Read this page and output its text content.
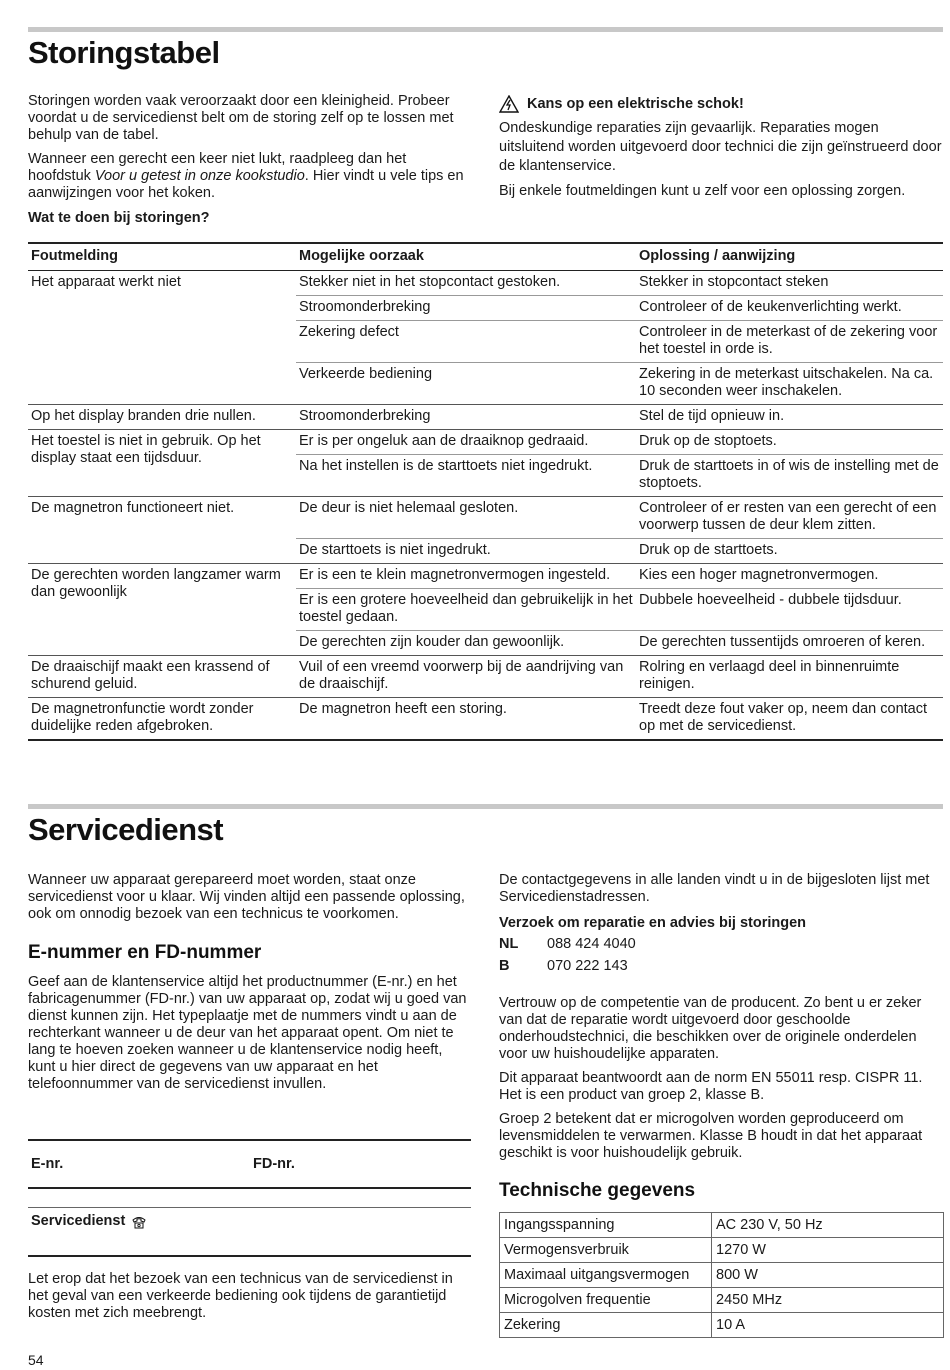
Storingstabel

Storingen worden vaak veroorzaakt door een kleinigheid. Probeer voordat u de servicedienst belt om de storing zelf op te lossen met behulp van de tabel.

Wanneer een gerecht een keer niet lukt, raadpleeg dan het hoofdstuk Voor u getest in onze kookstudio. Hier vindt u vele tips en aanwijzingen voor het koken.

Wat te doen bij storingen?

Kans op een elektrische schok!

Ondeskundige reparaties zijn gevaarlijk. Reparaties mogen uitsluitend worden uitgevoerd door technici die zijn geïnstrueerd door de klantenservice.

Bij enkele foutmeldingen kunt u zelf voor een oplossing zorgen.

Foutmelding	Mogelijke oorzaak	Oplossing / aanwijzing
Het apparaat werkt niet	Stekker niet in het stopcontact gestoken.	Stekker in stopcontact steken
	Stroomonderbreking	Controleer of de keukenverlichting werkt.
	Zekering defect	Controleer in de meterkast of de zekering voor het toestel in orde is.
	Verkeerde bediening	Zekering in de meterkast uitschakelen. Na ca. 10 seconden weer inschakelen.
Op het display branden drie nullen.	Stroomonderbreking	Stel de tijd opnieuw in.
Het toestel is niet in gebruik. Op het display staat een tijdsduur.	Er is per ongeluk aan de draaiknop gedraaid.	Druk op de stoptoets.
	Na het instellen is de starttoets niet ingedrukt.	Druk de starttoets in of wis de instelling met de stoptoets.
De magnetron functioneert niet.	De deur is niet helemaal gesloten.	Controleer of er resten van een gerecht of een voorwerp tussen de deur klem zitten.
	De starttoets is niet ingedrukt.	Druk op de starttoets.
De gerechten worden langzamer warm dan gewoonlijk	Er is een te klein magnetronvermogen ingesteld.	Kies een hoger magnetronvermogen.
	Er is een grotere hoeveelheid dan gebruikelijk in het toestel gedaan.	Dubbele hoeveelheid - dubbele tijdsduur.
	De gerechten zijn kouder dan gewoonlijk.	De gerechten tussentijds omroeren of keren.
De draaischijf maakt een krassend of schurend geluid.	Vuil of een vreemd voorwerp bij de aandrijving van de draaischijf.	Rolring en verlaagd deel in binnenruimte reinigen.
De magnetronfunctie wordt zonder duidelijke reden afgebroken.	De magnetron heeft een storing.	Treedt deze fout vaker op, neem dan contact op met de servicedienst.
Servicedienst

Wanneer uw apparaat gerepareerd moet worden, staat onze servicedienst voor u klaar. Wij vinden altijd een passende oplossing, ook om onnodig bezoek van een technicus te voorkomen.

E-nummer en FD-nummer

Geef aan de klantenservice altijd het productnummer (E-nr.) en het fabricagenummer (FD-nr.) van uw apparaat op, zodat wij u goed van dienst kunnen zijn. Het typeplaatje met de nummers vindt u aan de rechterkant wanneer u de deur van het apparaat opent. Om niet te lang te hoeven zoeken wanneer u de klantenservice nodig heeft, kunt u hier direct de gegevens van uw apparaat en het telefoonnummer van de servicedienst invullen.

E-nr.	FD-nr.
Servicedienst

Let erop dat het bezoek van een technicus van de servicedienst in het geval van een verkeerde bediening ook tijdens de garantietijd kosten met zich meebrengt.

De contactgegevens in alle landen vindt u in de bijgesloten lijst met Servicedienstadressen.

Verzoek om reparatie en advies bij storingen

NL	088 424 4040
B	070 222 143

Vertrouw op de competentie van de producent. Zo bent u er zeker van dat de reparatie wordt uitgevoerd door geschoolde onderhoudstechnici, die beschikken over de originele onderdelen voor uw huishoudelijke apparaten.

Dit apparaat beantwoordt aan de norm EN 55011 resp. CISPR 11. Het is een product van groep 2, klasse B.

Groep 2 betekent dat er microgolven worden geproduceerd om levensmiddelen te verwarmen. Klasse B houdt in dat het apparaat geschikt is voor huishoudelijk gebruik.

Technische gegevens
Ingangsspanning	AC 230 V, 50 Hz
Vermogensverbruik	1270 W
Maximaal uitgangsvermogen	800 W
Microgolven frequentie	2450 MHz
Zekering	10 A
54
